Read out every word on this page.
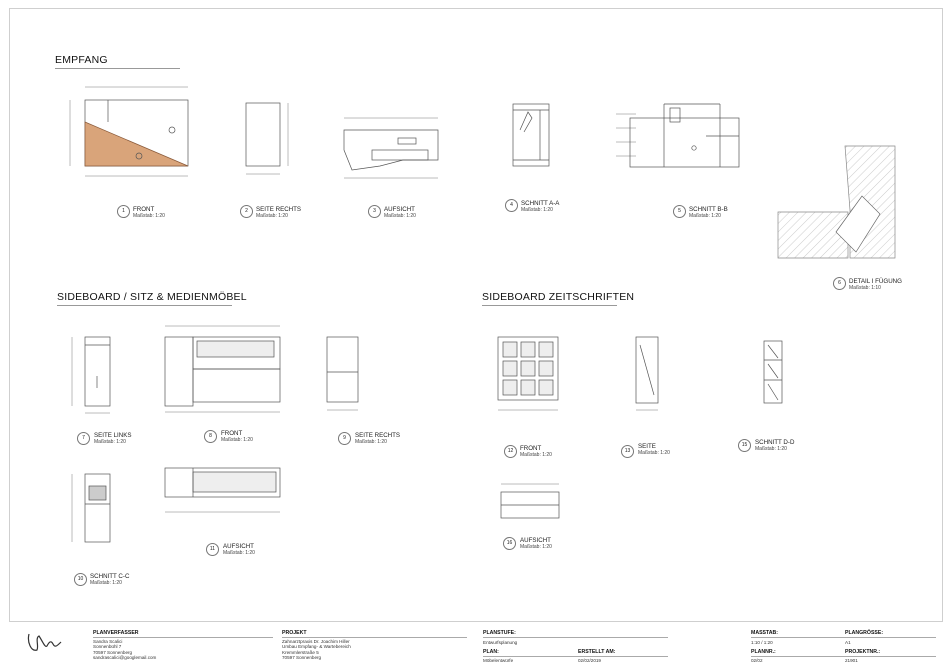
EMPFANG
SIDEBOARD / SITZ & MEDIENMÖBEL	SIDEBOARD ZEITSCHRIFTEN
1	FRONT
Maßstab: 1:20
2	SEITE RECHTS
Maßstab: 1:20
3	AUFSICHT
Maßstab: 1:20
4	SCHNITT A-A
Maßstab: 1:20	5	SCHNITT B-B
Maßstab: 1:20
6	DETAIL I FÜGUNG
Maßstab: 1:10
7	SEITE LINKS
Maßstab: 1:20
8	FRONT
Maßstab: 1:20	9	SEITE RECHTS
Maßstab: 1:20
10	SCHNITT C-C
Maßstab: 1:20
11	AUFSICHT
Maßstab: 1:20
12	FRONT
Maßstab: 1:20
13
SEITE
Maßstab: 1:20
15	SCHNITT D-D
Maßstab: 1:20
16	AUFSICHT
Maßstab: 1:20
PLANVERFASSER
Sandra Scalici
Sonnenbühl 7
70597 Sonnenberg
sandrascalici@googlemail.com
PROJEKT
Zahnarztpraxis Dr. Joachim Hiller
Umbau Empfang- & Wartebereich
Kremmlerstraße 5
70597 Sonnenberg
PLANSTUFE:
Entwurfsplanung
PLAN:
Möbelentwürfe
ERSTELLT AM:
02/02/2019
MASSTAB:
1:10 / 1:20
PLANGRÖSSE:
A1
PLANNR.:
02/02
PROJEKTNR.:
21901
